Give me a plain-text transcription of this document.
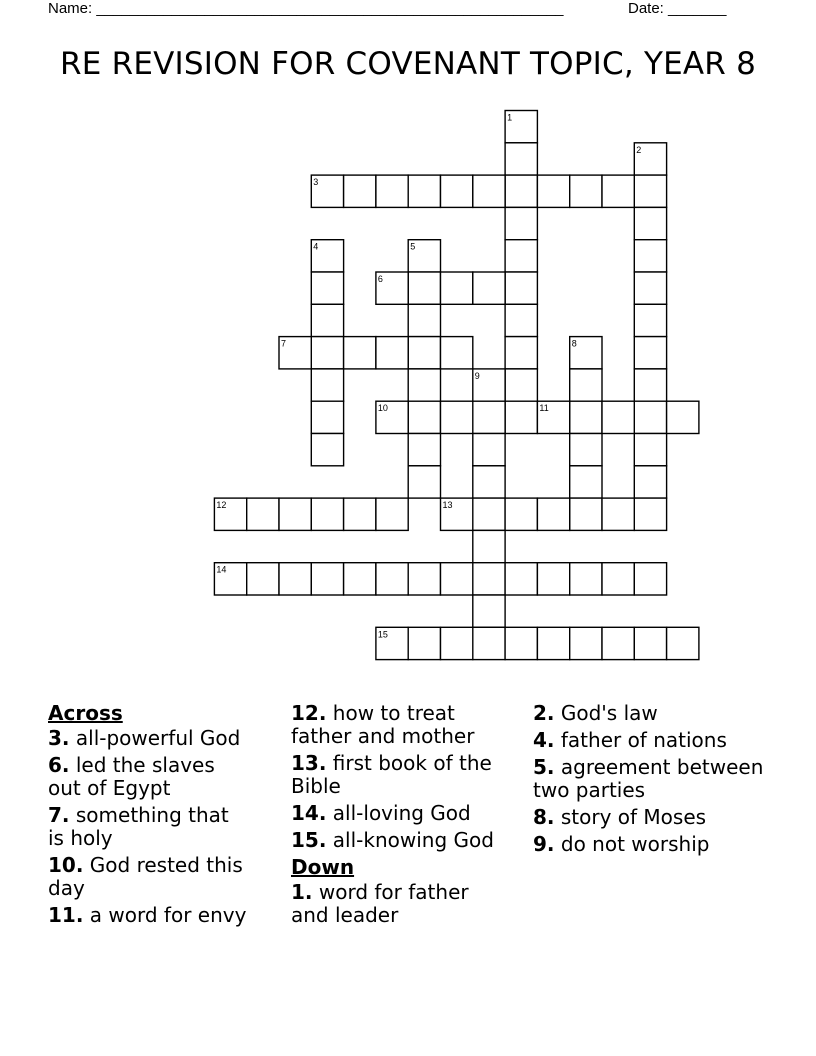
Name: ________________________________________________________	Date: _______
RE REVISION FOR COVENANT TOPIC, YEAR 8
1
2
3
4	5
6
7	8
9
10	11
12	13
14
15
Across
3. all-powerful God
6. led the slaves out of Egypt
7. something that is holy
10. God rested this day
11. a word for envy
12. how to treat father and mother
13. first book of the Bible
14. all-loving God
15. all-knowing God
Down
1. word for father and leader
2. God's law
4. father of nations
5. agreement between two parties
8. story of Moses
9. do not worship
